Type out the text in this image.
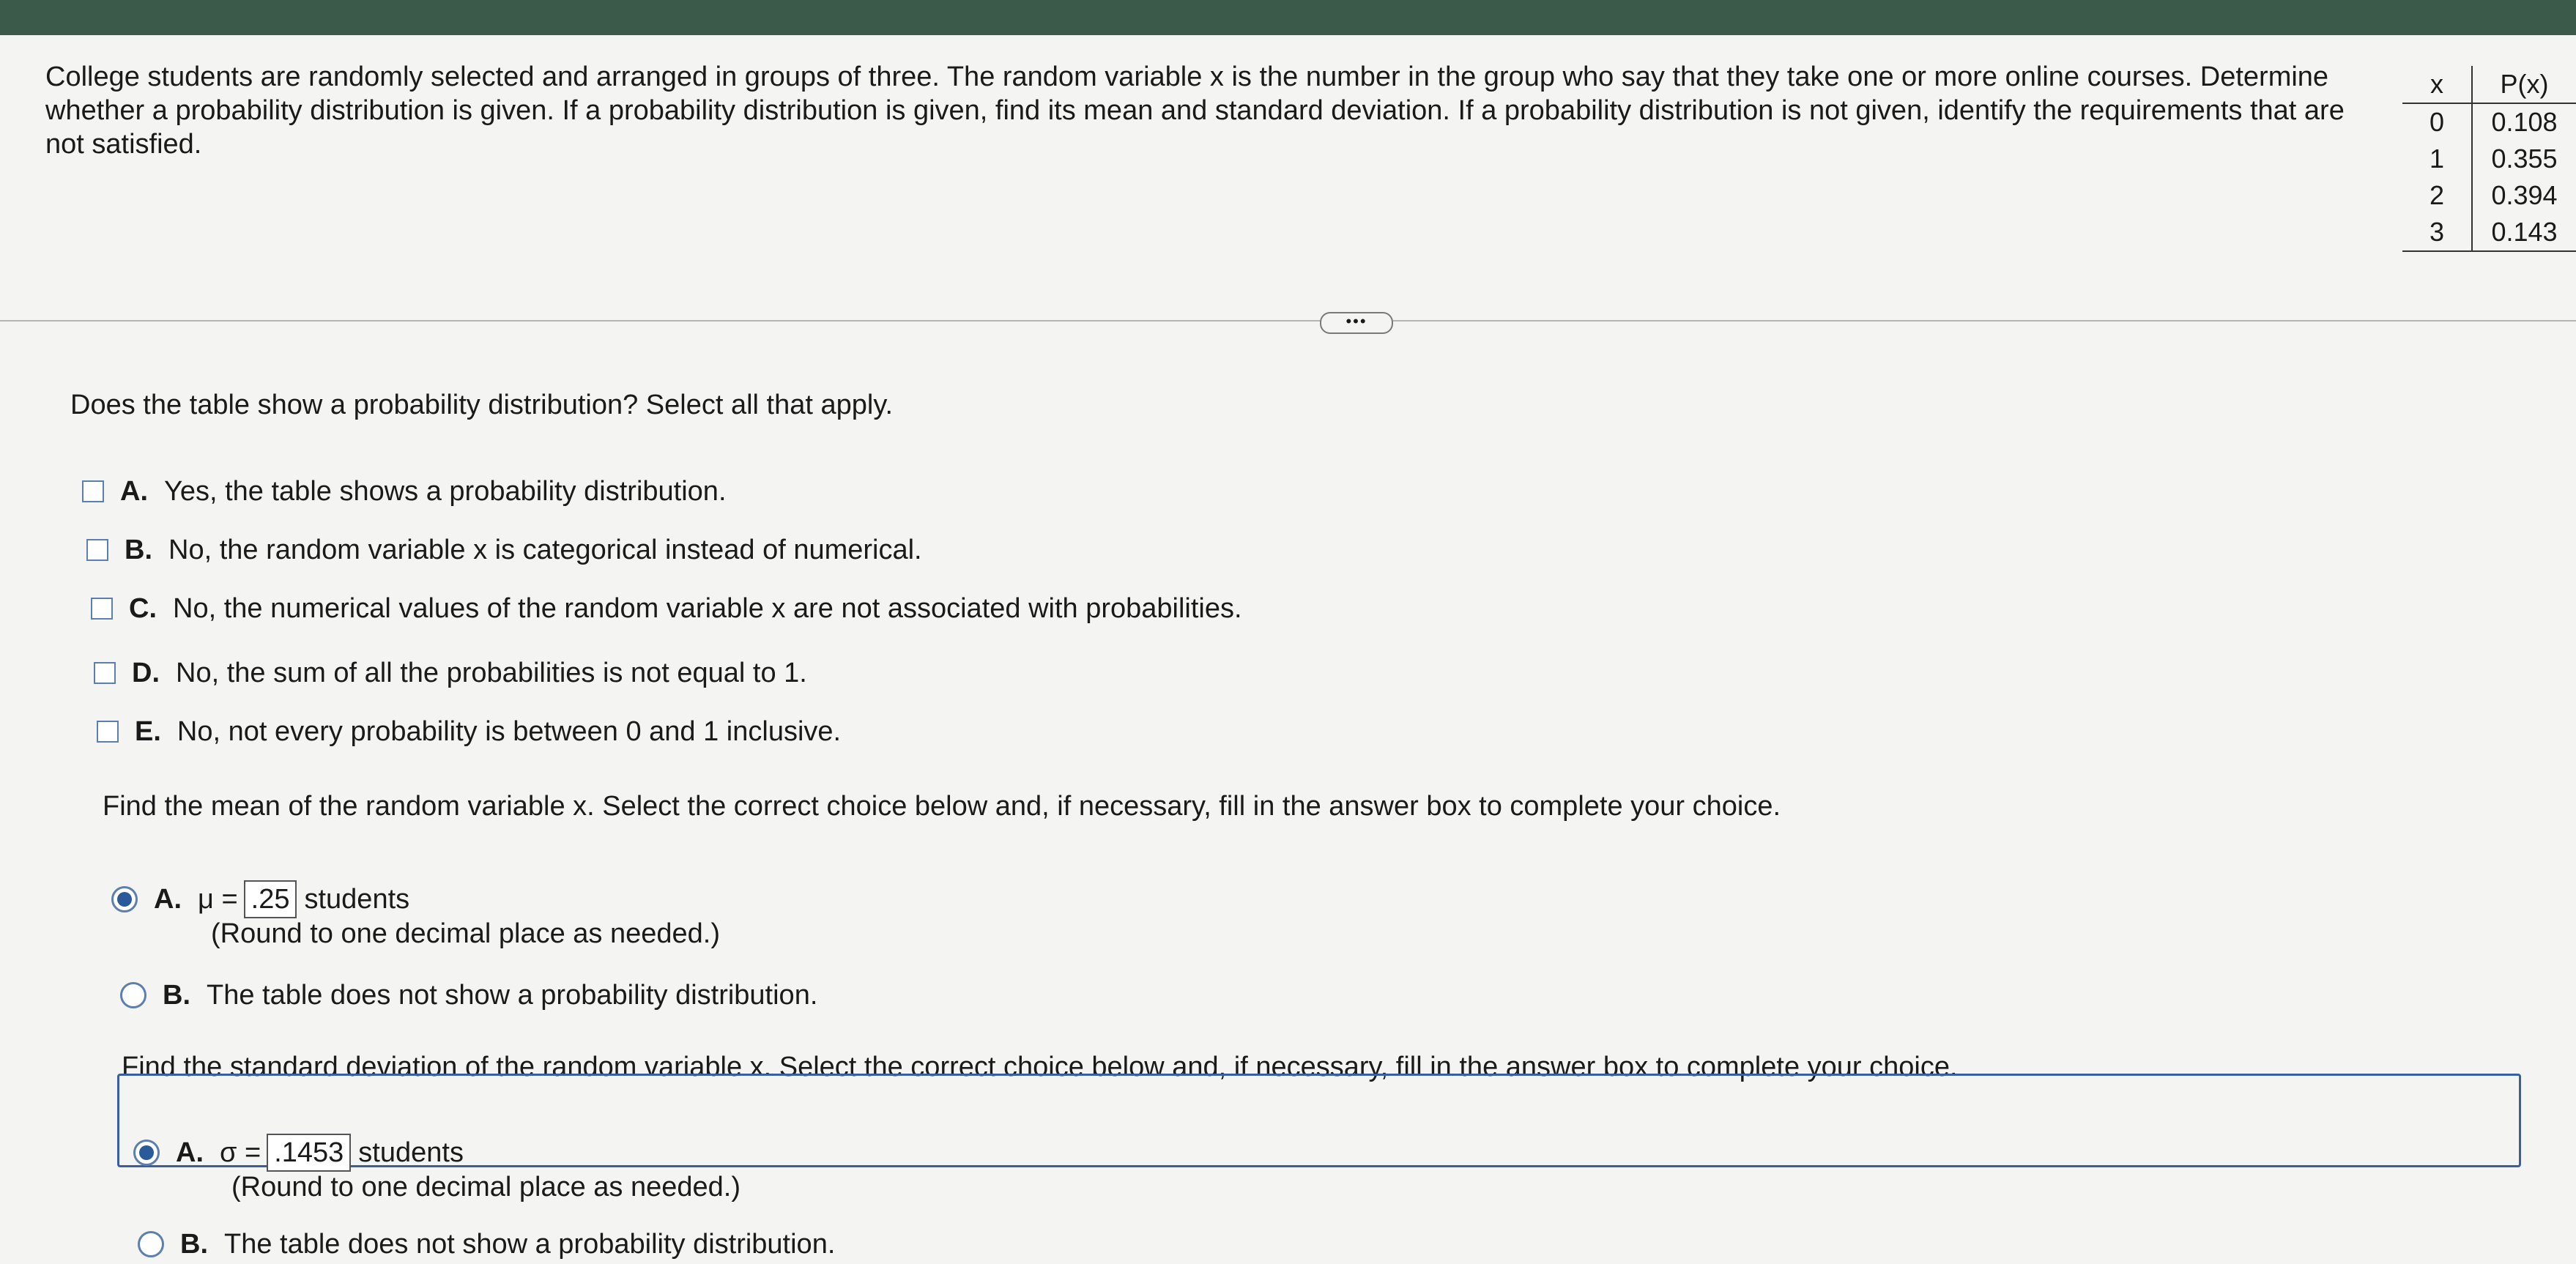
College students are randomly selected and arranged in groups of three. The random variable x is the number in the group who say that they take one or more online courses. Determine whether a probability distribution is given. If a probability distribution is given, find its mean and standard deviation. If a probability distribution is not given, identify the requirements that are not satisfied.
x	P(x)
0	0.108
1	0.355
2	0.394
3	0.143
•••
Does the table show a probability distribution? Select all that apply.
A. Yes, the table shows a probability distribution.
B. No, the random variable x is categorical instead of numerical.
C. No, the numerical values of the random variable x are not associated with probabilities.
D. No, the sum of all the probabilities is not equal to 1.
E. No, not every probability is between 0 and 1 inclusive.
Find the mean of the random variable x. Select the correct choice below and, if necessary, fill in the answer box to complete your choice.
A. μ = .25 students
(Round to one decimal place as needed.)
B. The table does not show a probability distribution.
Find the standard deviation of the random variable x. Select the correct choice below and, if necessary, fill in the answer box to complete your choice.
A. σ = .1453 students
(Round to one decimal place as needed.)
B. The table does not show a probability distribution.
